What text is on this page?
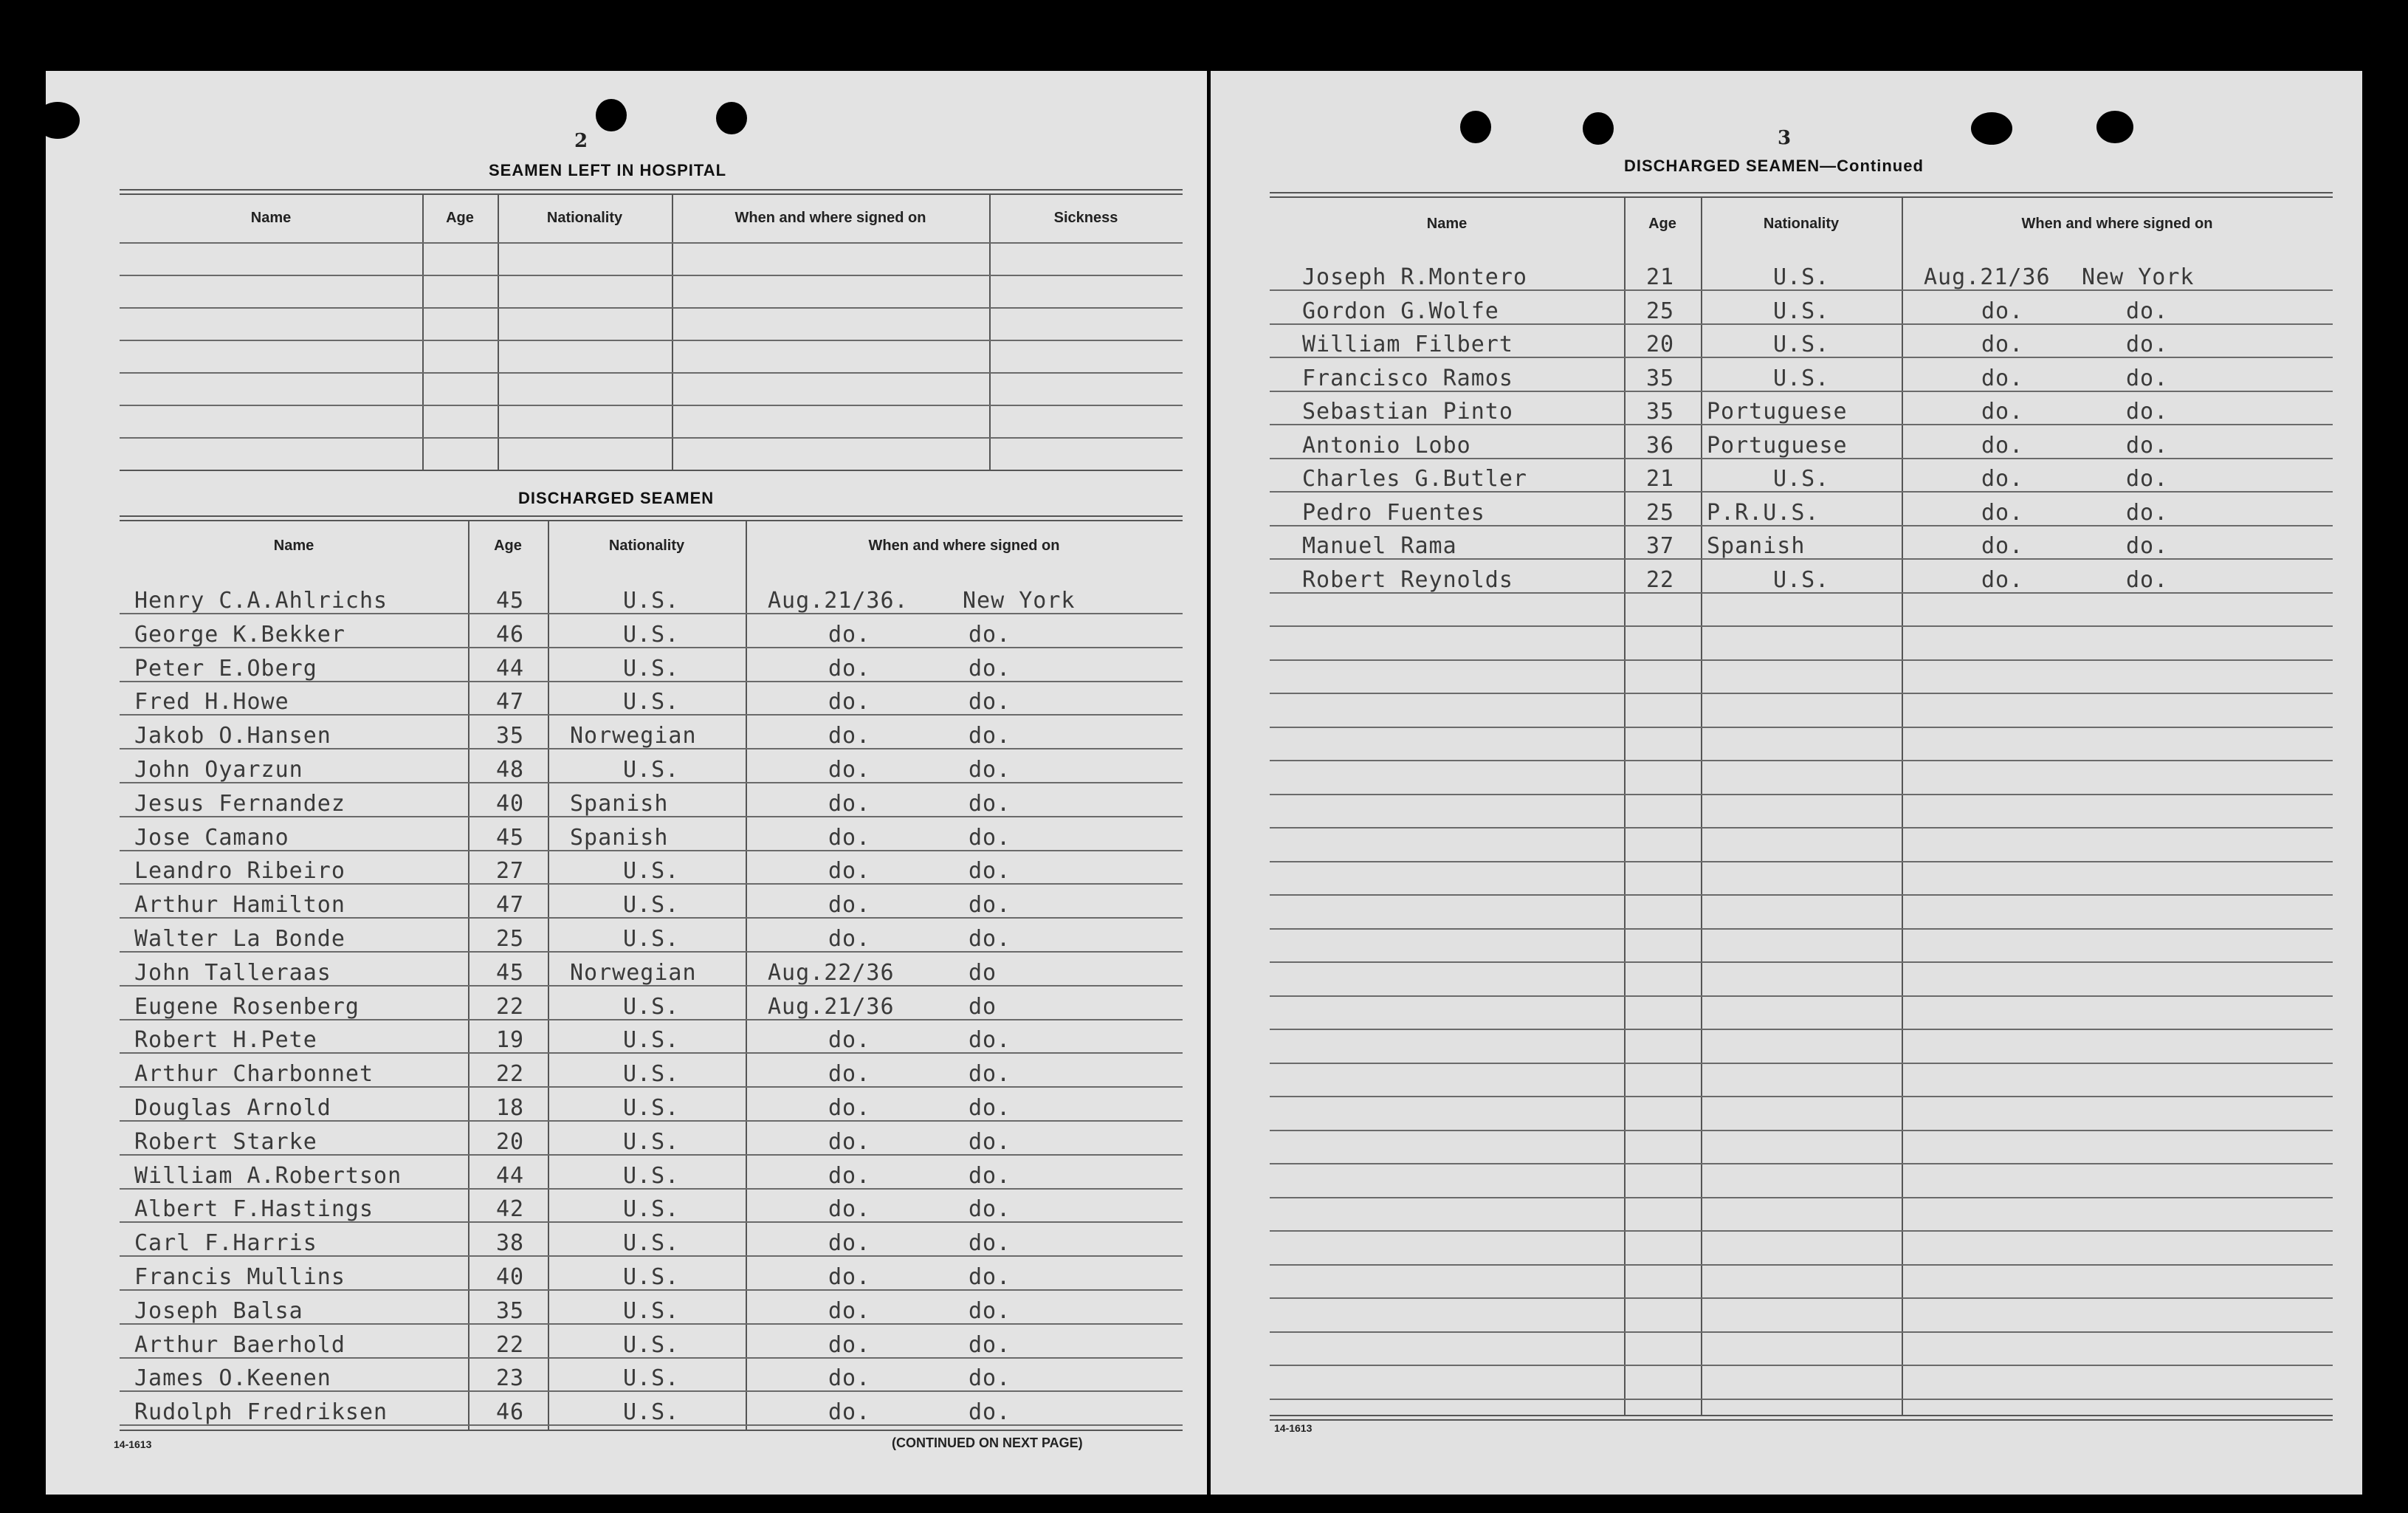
2
SEAMEN LEFT IN HOSPITAL
Name	Age	Nationality	When and where signed on	Sickness
DISCHARGED SEAMEN
Name	Age	Nationality	When and where signed on
Henry C.A.Ahlrichs	45	U.S.	Aug.21/36. New York
George K.Bekker	46	U.S.	do.	do.
Peter E.Oberg	44	U.S.	do.	do.
Fred H.Howe	47	U.S.	do.	do.
Jakob O.Hansen	35 Norwegian	do.	do.
John Oyarzun	48	U.S.	do.	do.
Jesus Fernandez	40 Spanish	do.	do.
Jose Camano	45 Spanish	do.	do.
Leandro Ribeiro	27	U.S.	do.	do.
Arthur Hamilton	47	U.S.	do.	do.
Walter La Bonde	25	U.S.	do.	do.
John Talleraas	45 Norwegian	Aug.22/36	do
Eugene Rosenberg	22	U.S.	Aug.21/36	do
Robert H.Pete	19	U.S.	do.	do.
Arthur Charbonnet	22	U.S.	do.	do.
Douglas Arnold	18	U.S.	do.	do.
Robert Starke	20	U.S.	do.	do.
William A.Robertson	44	U.S.	do.	do.
Albert F.Hastings	42	U.S.	do.	do.
Carl F.Harris	38	U.S.	do.	do.
Francis Mullins	40	U.S.	do.	do.
Joseph Balsa	35	U.S.	do.	do.
Arthur Baerhold	22	U.S.	do.	do.
James O.Keenen	23	U.S.	do.	do.
Rudolph Fredriksen	46	U.S.	do.	do.
14-1613	(CONTINUED ON NEXT PAGE)
3
DISCHARGED SEAMEN—Continued
Name	Age	Nationality	When and where signed on
Joseph R.Montero	21	U.S.	Aug.21/36 New York
Gordon G.Wolfe	25	U.S.	do.	do.
William Filbert	20	U.S.	do.	do.
Francisco Ramos	35	U.S.	do.	do.
Sebastian Pinto	35 Portuguese	do.	do.
Antonio Lobo	36 Portuguese	do.	do.
Charles G.Butler	21	U.S.	do.	do.
Pedro Fuentes	25 P.R.U.S.	do.	do.
Manuel Rama	37 Spanish	do.	do.
Robert Reynolds	22	U.S.	do.	do.
14-1613
